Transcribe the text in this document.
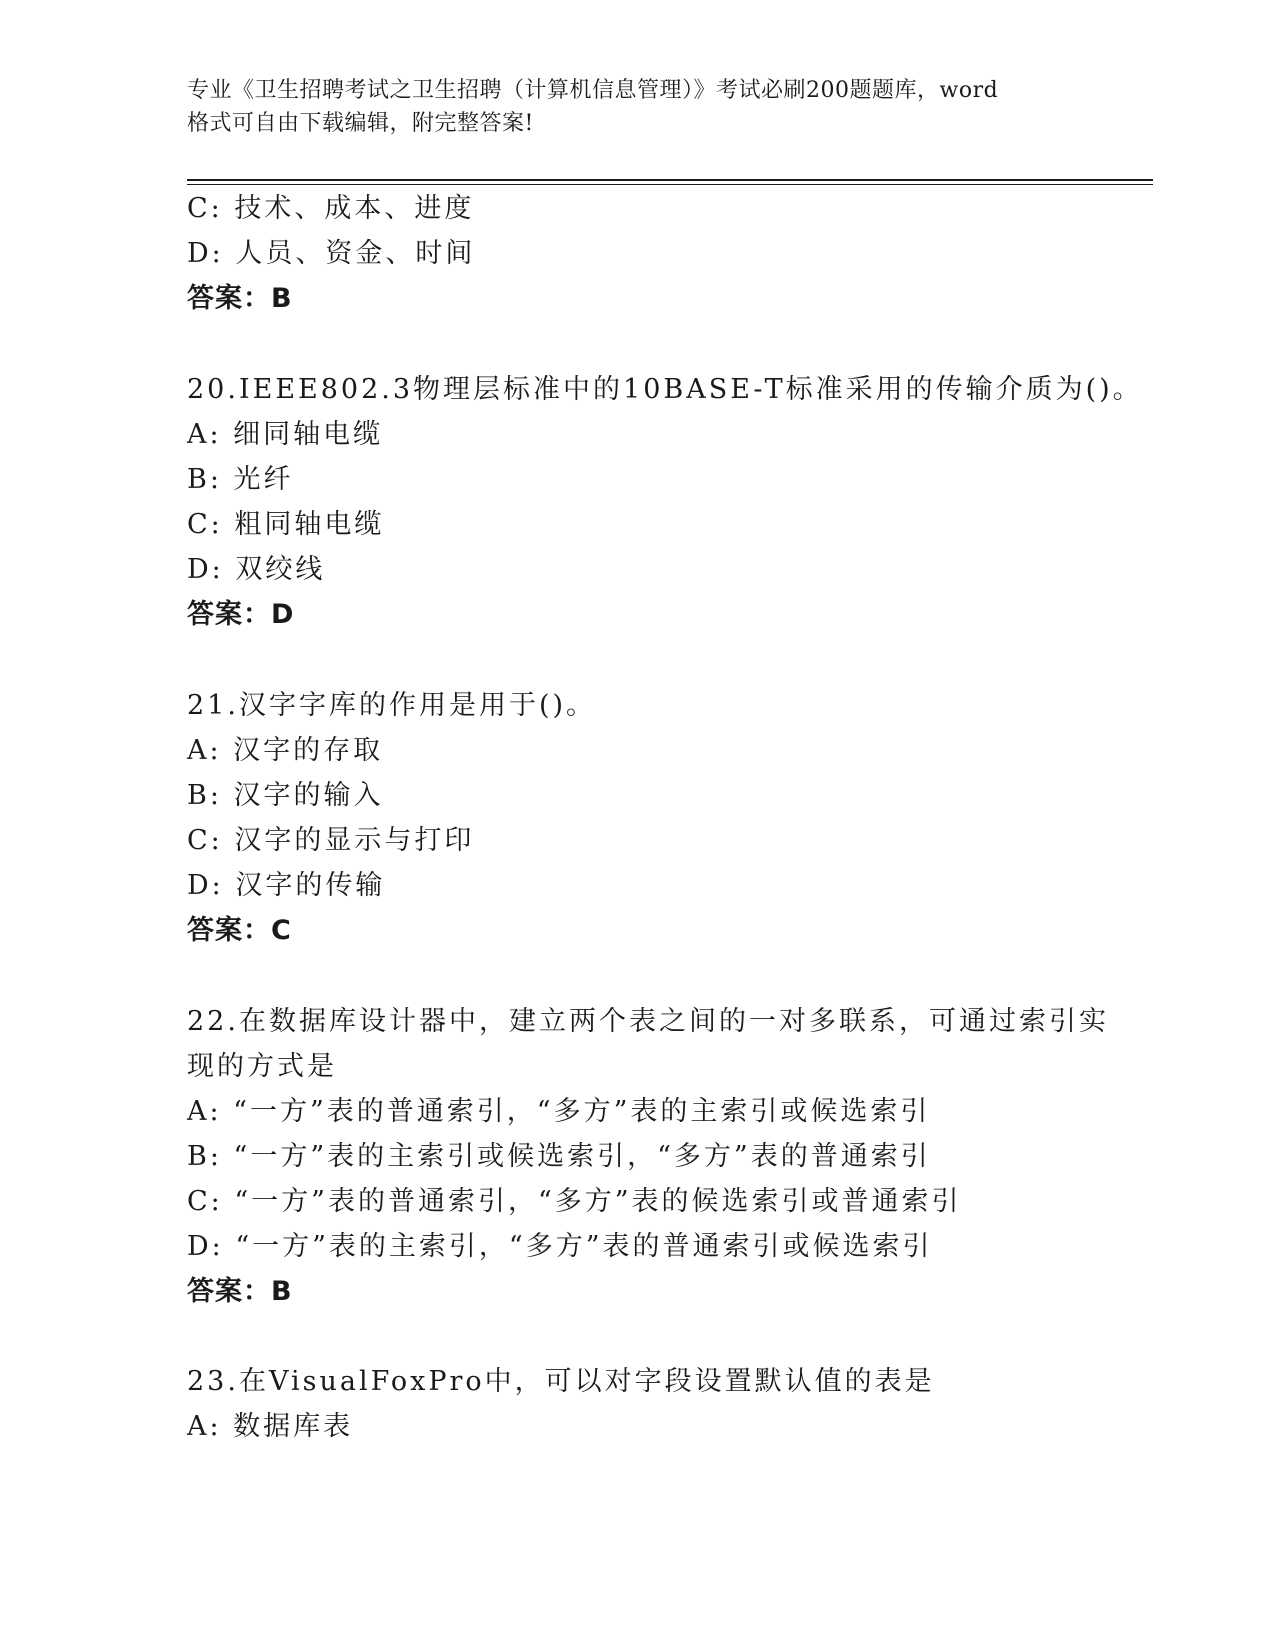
专业《卫生招聘考试之卫生招聘（计算机信息管理）》考试必刷200题题库，word
格式可自由下载编辑，附完整答案!
C: 技术、成本、进度
D: 人员、资金、时间
答案：B
20.IEEE802.3物理层标准中的10BASE-T标准采用的传输介质为()。
A: 细同轴电缆
B: 光纤
C: 粗同轴电缆
D: 双绞线
答案：D
21.汉字字库的作用是用于()。
A: 汉字的存取
B: 汉字的输入
C: 汉字的显示与打印
D: 汉字的传输
答案：C
22.在数据库设计器中，建立两个表之间的一对多联系，可通过索引实
现的方式是
A: “一方”表的普通索引，“多方”表的主索引或候选索引
B: “一方”表的主索引或候选索引，“多方”表的普通索引
C: “一方”表的普通索引，“多方”表的候选索引或普通索引
D: “一方”表的主索引，“多方”表的普通索引或候选索引
答案：B
23.在VisualFoxPro中，可以对字段设置默认值的表是
A: 数据库表
